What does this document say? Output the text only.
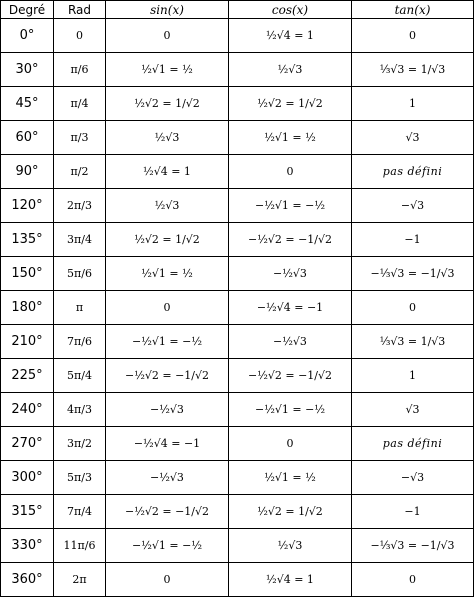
Degré	Rad	sin(x)	cos(x)	tan(x)
0°	0	0	½√4 = 1	0
30°	π/6	½√1 = ½	½√3	⅓√3 = 1/√3
45°	π/4	½√2 = 1/√2	½√2 = 1/√2	1
60°	π/3	½√3	½√1 = ½	√3
90°	π/2	½√4 = 1	0	pas défini
120°	2π/3	½√3	−½√1 = −½	−√3
135°	3π/4	½√2 = 1/√2	−½√2 = −1/√2	−1
150°	5π/6	½√1 = ½	−½√3	−⅓√3 = −1/√3
180°	π	0	−½√4 = −1	0
210°	7π/6	−½√1 = −½	−½√3	⅓√3 = 1/√3
225°	5π/4	−½√2 = −1/√2	−½√2 = −1/√2	1
240°	4π/3	−½√3	−½√1 = −½	√3
270°	3π/2	−½√4 = −1	0	pas défini
300°	5π/3	−½√3	½√1 = ½	−√3
315°	7π/4	−½√2 = −1/√2	½√2 = 1/√2	−1
330°	11π/6	−½√1 = −½	½√3	−⅓√3 = −1/√3
360°	2π	0	½√4 = 1	0
